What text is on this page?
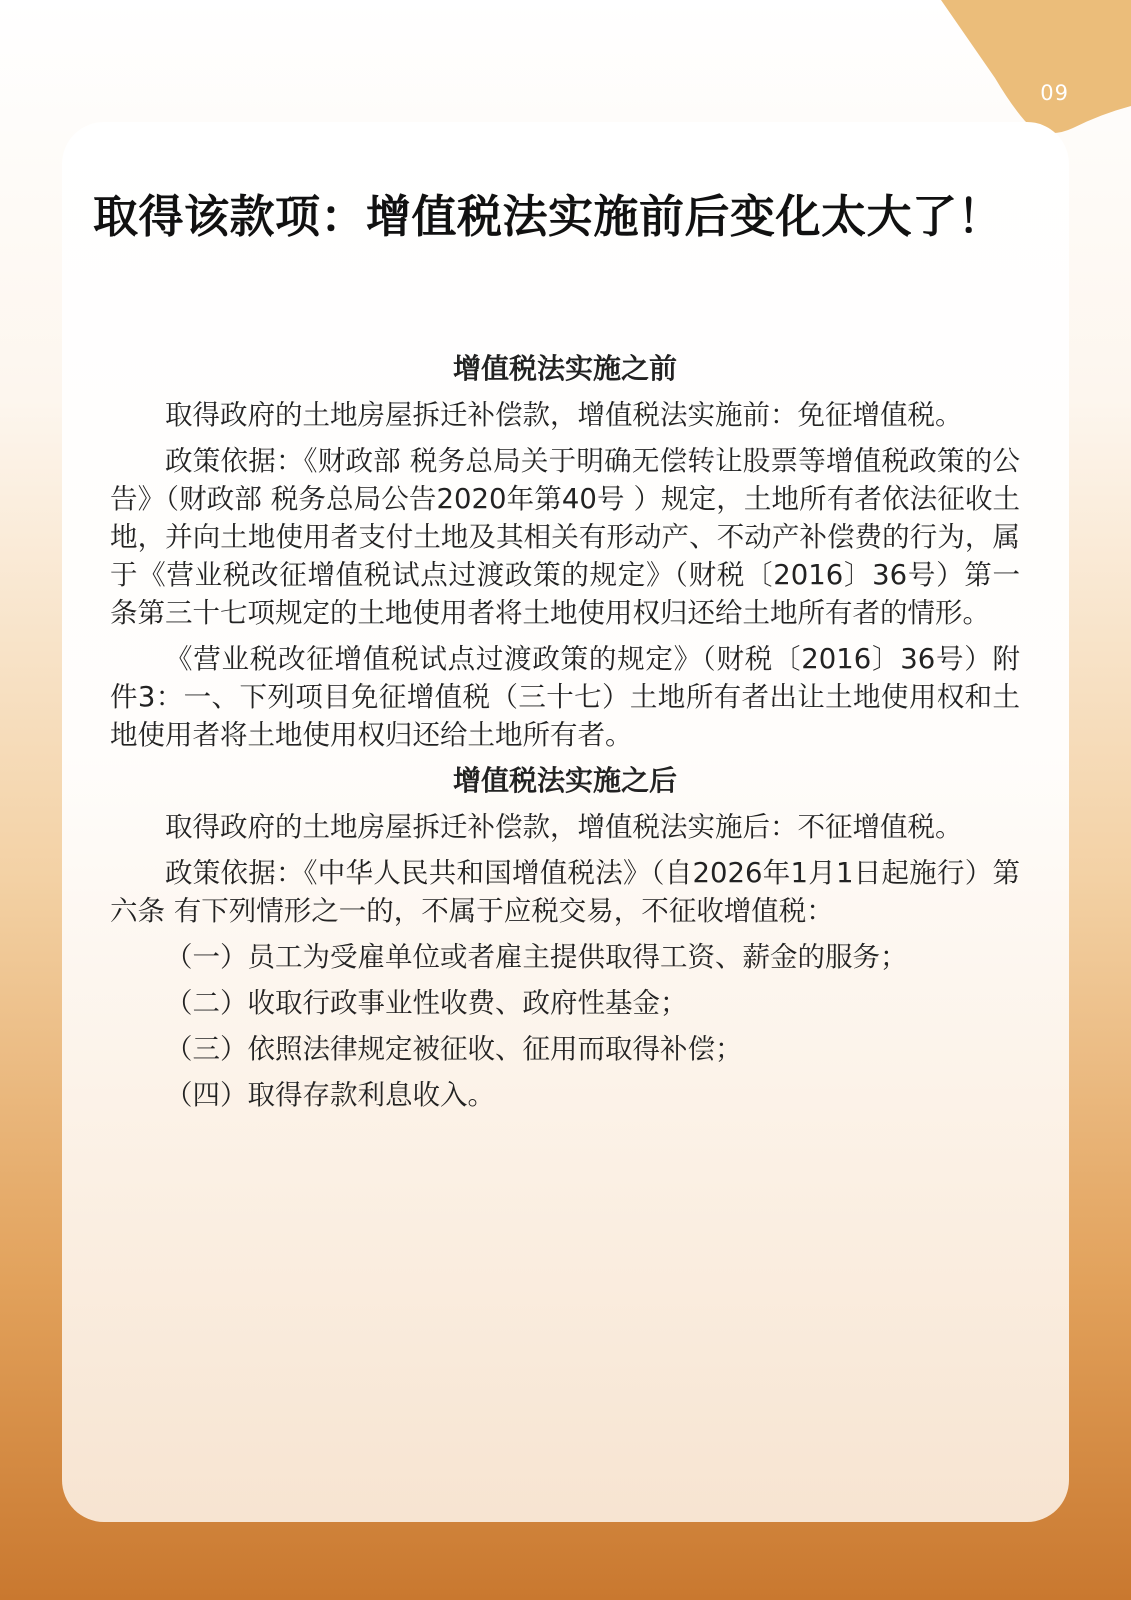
09
取得该款项：增值税法实施前后变化太大了！
增值税法实施之前

取得政府的土地房屋拆迁补偿款，增值税法实施前：免征增值税。

政策依据：《财政部 税务总局关于明确无偿转让股票等增值税政策的公告》（财政部 税务总局公告2020年第40号 ）规定，土地所有者依法征收土地，并向土地使用者支付土地及其相关有形动产、不动产补偿费的行为，属于《营业税改征增值税试点过渡政策的规定》（财税〔2016〕36号）第一条第三十七项规定的土地使用者将土地使用权归还给土地所有者的情形。

《营业税改征增值税试点过渡政策的规定》（财税〔2016〕36号）附件3：一、下列项目免征增值税（三十七）土地所有者出让土地使用权和土地使用者将土地使用权归还给土地所有者。

增值税法实施之后

取得政府的土地房屋拆迁补偿款，增值税法实施后：不征增值税。

政策依据：《中华人民共和国增值税法》（自2026年1月1日起施行）第六条 有下列情形之一的，不属于应税交易，不征收增值税：

（一）员工为受雇单位或者雇主提供取得工资、薪金的服务；
（二）收取行政事业性收费、政府性基金；
（三）依照法律规定被征收、征用而取得补偿；
（四）取得存款利息收入。
